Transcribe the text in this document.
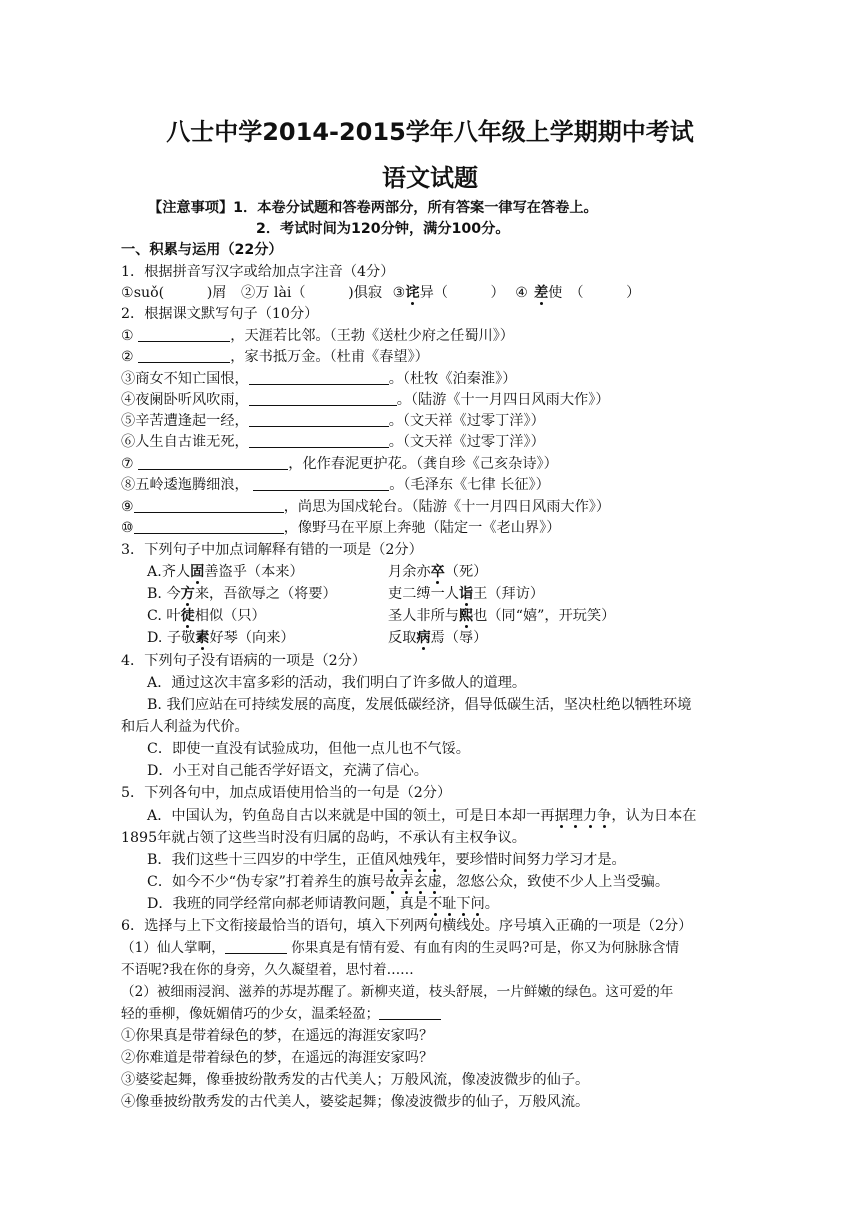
八士中学2014-2015学年八年级上学期期中考试
语文试题
【注意事项】1．本卷分试题和答卷两部分，所有答案一律写在答卷上。
2．考试时间为120分钟，满分100分。
一、积累与运用（22分）
1．根据拼音写汉字或给加点字注音（4分）
①suǒ(　　　)屑 ②万 lài（　　　)俱寂 ③诧异（　　　） ④ 差使　（　　　）
2．根据课文默写句子（10分）
①	，天涯若比邻。（王勃《送杜少府之任蜀川》）
②	，家书抵万金。（杜甫《春望》）
③商女不知亡国恨，	。（杜牧《泊秦淮》）
④夜阑卧听风吹雨，	。（陆游《十一月四日风雨大作》）
⑤辛苦遭逢起一经，	。（文天祥《过零丁洋》）
⑥人生自古谁无死，	。（文天祥《过零丁洋》）
⑦	，化作春泥更护花。（龚自珍《己亥杂诗》）
⑧五岭逶迤腾细浪，	。（毛泽东《七律 长征》）
⑨	，尚思为国戍轮台。（陆游《十一月四日风雨大作》）
⑩	，像野马在平原上奔驰（陆定一《老山界》）
3．下列句子中加点词解释有错的一项是（2分）
A.齐人固善盗乎（本来）	月余亦卒（死）
B. 今方来，吾欲辱之（将要）	吏二缚一人诣王（拜访）
C. 叶徒相似（只）	圣人非所与熙也（同“嬉”，开玩笑）
D. 子敬素好琴（向来）	反取病焉（辱）
4．下列句子没有语病的一项是（2分）
A．通过这次丰富多彩的活动，我们明白了许多做人的道理。
B. 我们应站在可持续发展的高度，发展低碳经济，倡导低碳生活，坚决杜绝以牺牲环境
和后人利益为代价。
C．即使一直没有试验成功，但他一点儿也不气馁。
D．小王对自己能否学好语文，充满了信心。
5．下列各句中，加点成语使用恰当的一句是（2分）
A．中国认为，钓鱼岛自古以来就是中国的领土，可是日本却一再据理力争，认为日本在
1895年就占领了这些当时没有归属的岛屿，不承认有主权争议。
B．我们这些十三四岁的中学生，正值风烛残年，要珍惜时间努力学习才是。
C．如今不少“伪专家”打着养生的旗号故弄玄虚，忽悠公众，致使不少人上当受骗。
D．我班的同学经常向郝老师请教问题，真是不耻下问。
6．选择与上下文衔接最恰当的语句，填入下列两句横线处。序号填入正确的一项是（2分）
（1）仙人掌啊，	你果真是有情有爱、有血有肉的生灵吗?可是，你又为何脉脉含情
不语呢?我在你的身旁，久久凝望着，思忖着……
（2）被细雨浸润、滋养的苏堤苏醒了。新柳夹道，枝头舒展，一片鲜嫩的绿色。这可爱的年
轻的垂柳，像妩媚倩巧的少女，温柔轻盈；
①你果真是带着绿色的梦，在遥远的海涯安家吗？
②你难道是带着绿色的梦，在遥远的海涯安家吗？
③婆娑起舞，像垂披纷散秀发的古代美人；万般风流，像凌波微步的仙子。
④像垂披纷散秀发的古代美人，婆娑起舞；像凌波微步的仙子，万般风流。
